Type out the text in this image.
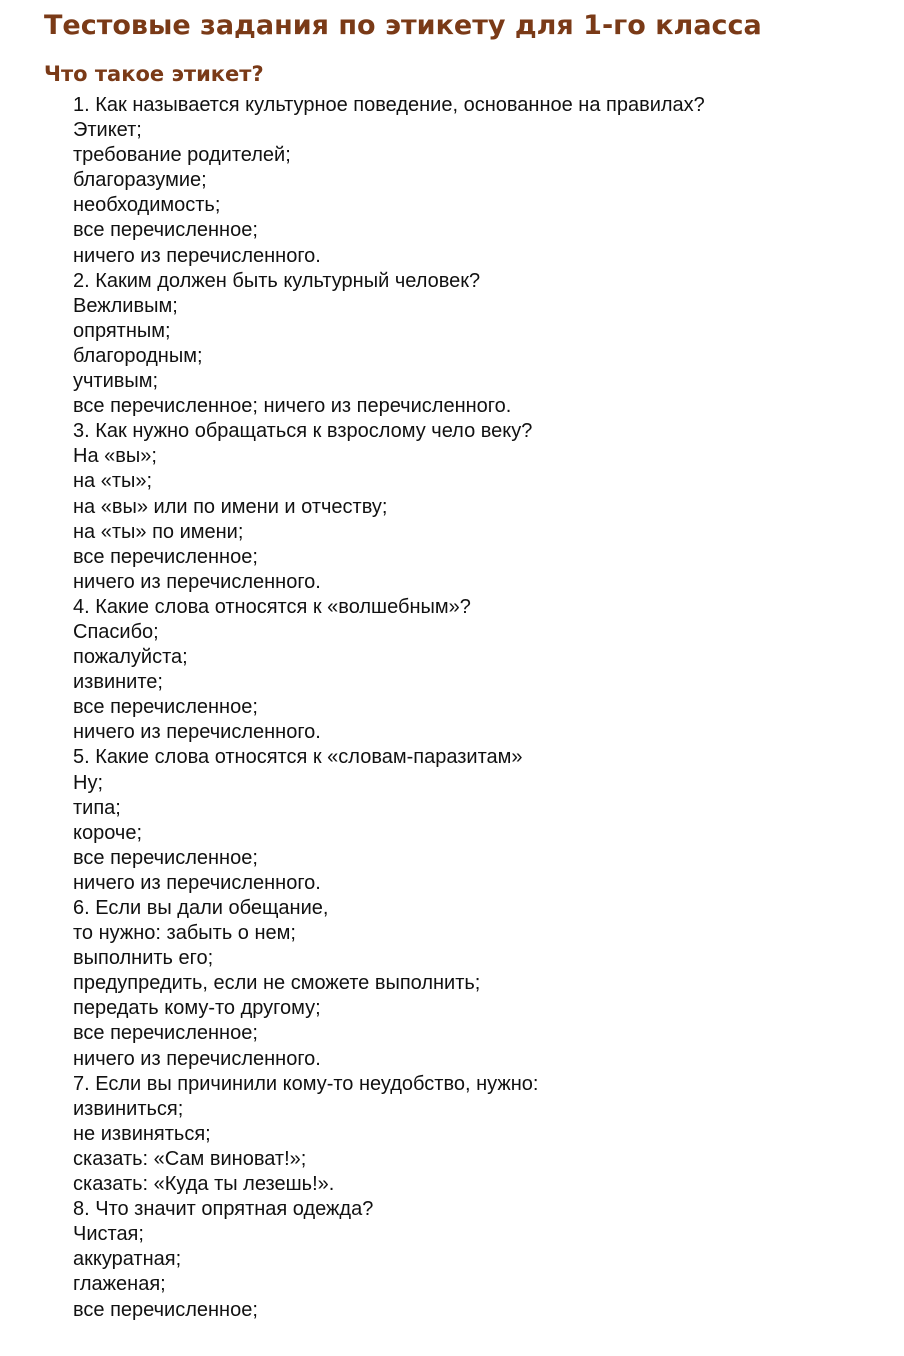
Тестовые задания по этикету для 1-го класса
Что такое этикет?
1. Как называется культурное поведение, основанное на правилах?
Этикет;
требование родителей;
благоразумие;
необходимость;
все перечисленное;
ничего из перечисленного.
2. Каким должен быть культурный человек?
Вежливым;
опрятным;
благородным;
учтивым;
все перечисленное; ничего из перечисленного.
3. Как нужно обращаться к взрослому чело веку?
На «вы»;
на «ты»;
на «вы» или по имени и отчеству;
на «ты» по имени;
все перечисленное;
ничего из перечисленного.
4. Какие слова относятся к «волшебным»?
Спасибо;
пожалуйста;
извините;
все перечисленное;
ничего из перечисленного.
5. Какие слова относятся к «словам-паразитам»
Ну;
типа;
короче;
все перечисленное;
ничего из перечисленного.
6. Если вы дали обещание,
то нужно: забыть о нем;
выполнить его;
предупредить, если не сможете выполнить;
передать кому-то другому;
все перечисленное;
ничего из перечисленного.
7. Если вы причинили кому-то неудобство, нужно:
извиниться;
не извиняться;
сказать: «Сам виноват!»;
сказать: «Куда ты лезешь!».
8. Что значит опрятная одежда?
Чистая;
аккуратная;
глаженая;
все перечисленное;
